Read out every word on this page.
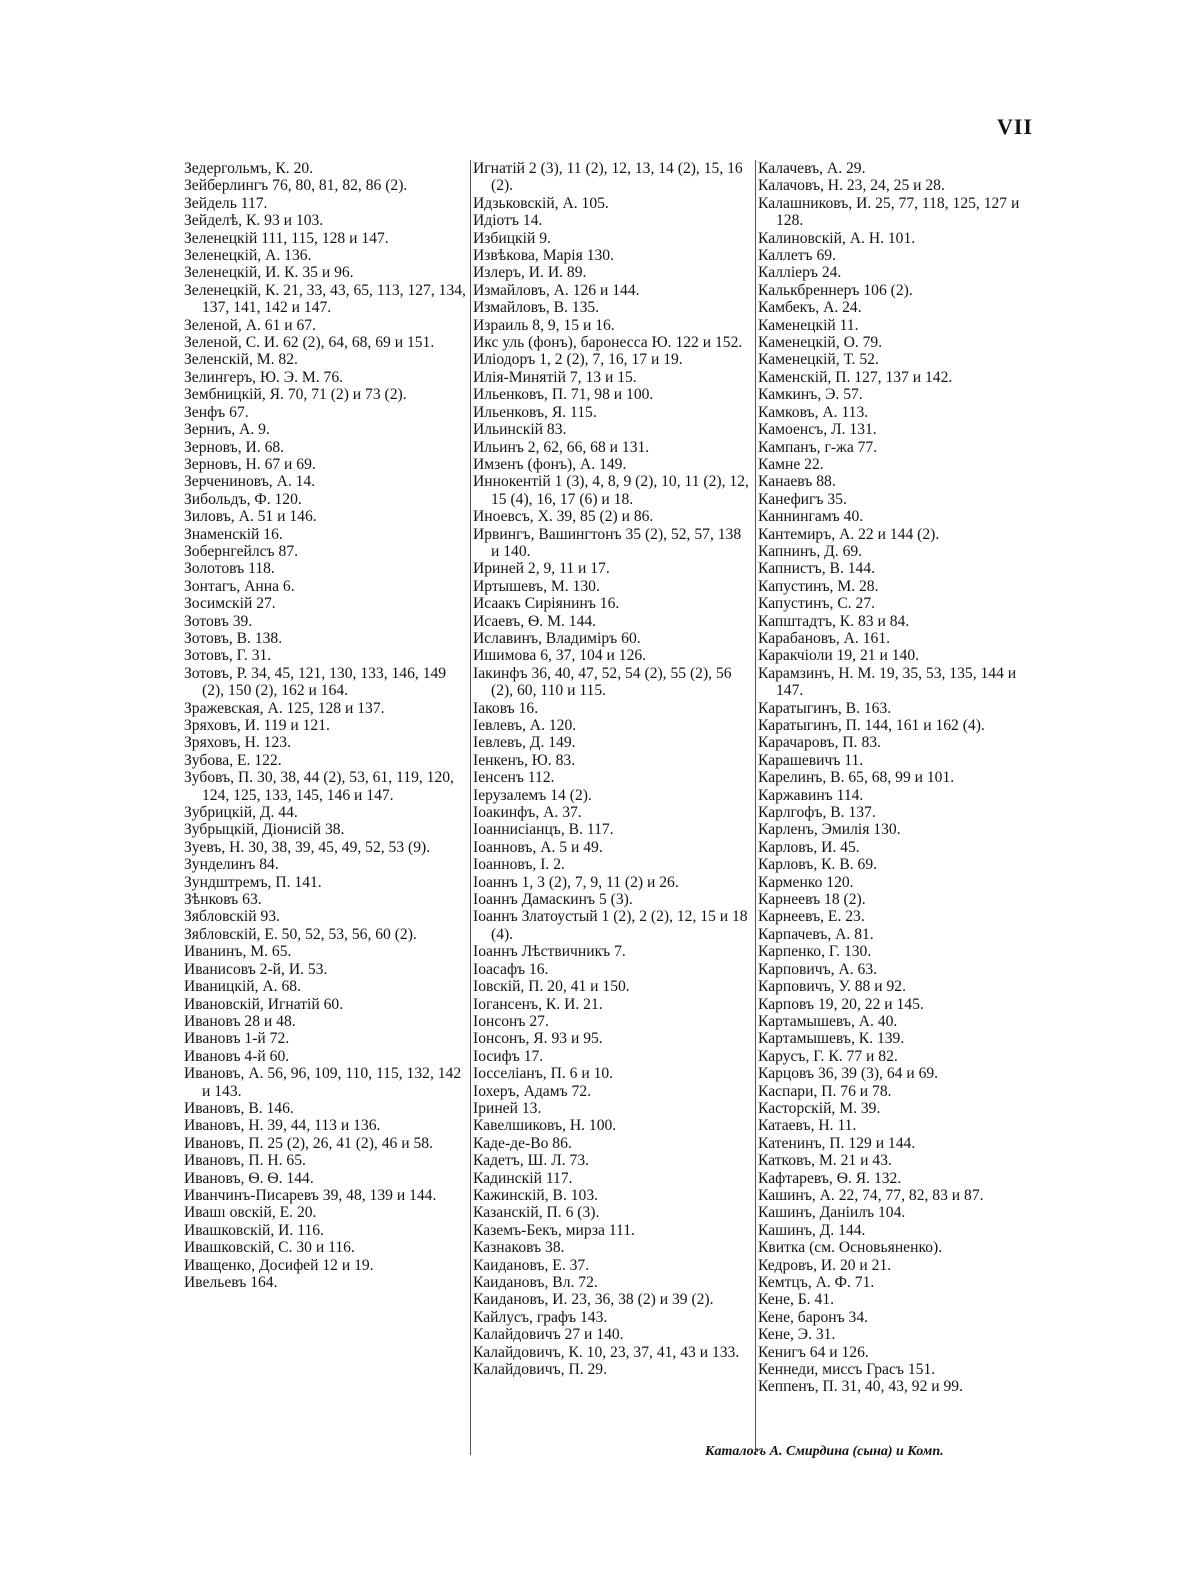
VII
Зедергольмъ, К. 20.
Зейберлингъ 76, 80, 81, 82, 86 (2).
Зейдель 117.
Зейделѣ, К. 93 и 103.
Зеленецкій 111, 115, 128 и 147.
Зеленецкій, А. 136.
Зеленецкій, И. К. 35 и 96.
Зеленецкій, К. 21, 33, 43, 65, 113, 127, 134, 137, 141, 142 и 147.
Зеленой, А. 61 и 67.
Зеленой, С. И. 62 (2), 64, 68, 69 и 151.
Зеленскій, М. 82.
Зелингеръ, Ю. Э. М. 76.
Зембницкій, Я. 70, 71 (2) и 73 (2).
Зенфъ 67.
Зерниъ, А. 9.
Зерновъ, И. 68.
Зерновъ, Н. 67 и 69.
Зерчениновъ, А. 14.
Зибольдъ, Ф. 120.
Зиловъ, А. 51 и 146.
Знаменскій 16.
Зобернгейлсъ 87.
Золотовъ 118.
Зонтагъ, Анна 6.
Зосимскій 27.
Зотовъ 39.
Зотовъ, В. 138.
Зотовъ, Г. 31.
Зотовъ, Р. 34, 45, 121, 130, 133, 146, 149 (2), 150 (2), 162 и 164.
Зражевская, А. 125, 128 и 137.
Зряховъ, И. 119 и 121.
Зряховъ, Н. 123.
Зубова, Е. 122.
Зубовъ, П. 30, 38, 44 (2), 53, 61, 119, 120, 124, 125, 133, 145, 146 и 147.
Зубрицкій, Д. 44.
Зубрыцкій, Діонисій 38.
Зуевъ, Н. 30, 38, 39, 45, 49, 52, 53 (9).
Зунделинъ 84.
Зундштремъ, П. 141.
Зѣнковъ 63.
Зябловскій 93.
Зябловскій, Е. 50, 52, 53, 56, 60 (2).
Иванинъ, М. 65.
Иванисовъ 2-й, И. 53.
Иваницкій, А. 68.
Ивановскій, Игнатій 60.
Ивановъ 28 и 48.
Ивановъ 1-й 72.
Ивановъ 4-й 60.
Ивановъ, А. 56, 96, 109, 110, 115, 132, 142 и 143.
Ивановъ, В. 146.
Ивановъ, Н. 39, 44, 113 и 136.
Ивановъ, П. 25 (2), 26, 41 (2), 46 и 58.
Ивановъ, П. Н. 65.
Ивановъ, Ѳ. Ѳ. 144.
Иванчинъ-Писаревъ 39, 48, 139 и 144.
Ивашı овскій, Е. 20.
Ивашковскій, И. 116.
Ивашковскій, С. 30 и 116.
Иващенко, Досифей 12 и 19.
Ивельевъ 164.
Игнатій 2 (3), 11 (2), 12, 13, 14 (2), 15, 16 (2).
Идзьковскій, А. 105.
Идіотъ 14.
Избицкій 9.
Извѣкова, Марія 130.
Излеръ, И. И. 89.
Измайловъ, А. 126 и 144.
Измайловъ, В. 135.
Израиль 8, 9, 15 и 16.
Икс уль (фонъ), баронесса Ю. 122 и 152.
Иліодоръ 1, 2 (2), 7, 16, 17 и 19.
Илія-Минятій 7, 13 и 15.
Ильенковъ, П. 71, 98 и 100.
Ильенковъ, Я. 115.
Ильинскій 83.
Ильинъ 2, 62, 66, 68 и 131.
Имзенъ (фонъ), А. 149.
Иннокентій 1 (3), 4, 8, 9 (2), 10, 11 (2), 12, 15 (4), 16, 17 (6) и 18.
Иноевсъ, Х. 39, 85 (2) и 86.
Ирвингъ, Вашингтонъ 35 (2), 52, 57, 138 и 140.
Ириней 2, 9, 11 и 17.
Иртышевъ, М. 130.
Исаакъ Сиріянинъ 16.
Исаевъ, Ѳ. М. 144.
Иславинъ, Владиміръ 60.
Ишимова 6, 37, 104 и 126.
Іакинфъ 36, 40, 47, 52, 54 (2), 55 (2), 56 (2), 60, 110 и 115.
Іаковъ 16.
Іевлевъ, А. 120.
Іевлевъ, Д. 149.
Іенкенъ, Ю. 83.
Іенсенъ 112.
Іерузалемъ 14 (2).
Іоакинфъ, А. 37.
Іоаннисіанцъ, В. 117.
Іоанновъ, А. 5 и 49.
Іоанновъ, І. 2.
Іоаннъ 1, 3 (2), 7, 9, 11 (2) и 26.
Іоаннъ Дамаскинъ 5 (3).
Іоаннъ Златоустый 1 (2), 2 (2), 12, 15 и 18 (4).
Іоаннъ Лѣствичникъ 7.
Іоасафъ 16.
Іовскій, П. 20, 41 и 150.
Іогансенъ, К. И. 21.
Іонсонъ 27.
Іонсонъ, Я. 93 и 95.
Іосифъ 17.
Іосселіанъ, П. 6 и 10.
Іохеръ, Адамъ 72.
Іриней 13.
Кавелшиковъ, Н. 100.
Каде-де-Во 86.
Кадетъ, Ш. Л. 73.
Кадинскій 117.
Кажинскій, В. 103.
Казанскій, П. 6 (3).
Каземъ-Бекъ, мирза 111.
Казнаковъ 38.
Каидановъ, Е. 37.
Каидановъ, Вл. 72.
Каидановъ, И. 23, 36, 38 (2) и 39 (2).
Кайлусъ, графъ 143.
Калайдовичъ 27 и 140.
Калайдовичъ, К. 10, 23, 37, 41, 43 и 133.
Калайдовичъ, П. 29.
Калачевъ, А. 29.
Калачовъ, Н. 23, 24, 25 и 28.
Калашниковъ, И. 25, 77, 118, 125, 127 и 128.
Калиновскій, А. Н. 101.
Каллетъ 69.
Калліеръ 24.
Калькбреннеръ 106 (2).
Камбекъ, А. 24.
Каменецкій 11.
Каменецкій, О. 79.
Каменецкій, Т. 52.
Каменскій, П. 127, 137 и 142.
Камкинъ, Э. 57.
Камковъ, А. 113.
Камоенсъ, Л. 131.
Кампанъ, г-жа 77.
Камне 22.
Канаевъ 88.
Канефигъ 35.
Каннингамъ 40.
Кантемиръ, А. 22 и 144 (2).
Капнинъ, Д. 69.
Капнистъ, В. 144.
Капустинъ, М. 28.
Капустинъ, С. 27.
Капштадтъ, К. 83 и 84.
Карабановъ, А. 161.
Каракчіоли 19, 21 и 140.
Карамзинъ, Н. М. 19, 35, 53, 135, 144 и 147.
Каратыгинъ, В. 163.
Каратыгинъ, П. 144, 161 и 162 (4).
Карачаровъ, П. 83.
Карашевичъ 11.
Карелинъ, В. 65, 68, 99 и 101.
Каржавинъ 114.
Карлгофъ, В. 137.
Карленъ, Эмилія 130.
Карловъ, И. 45.
Карловъ, К. В. 69.
Карменко 120.
Карнеевъ 18 (2).
Карнеевъ, Е. 23.
Карпачевъ, А. 81.
Карпенко, Г. 130.
Карповичъ, А. 63.
Карповичъ, У. 88 и 92.
Карповъ 19, 20, 22 и 145.
Картамышевъ, А. 40.
Картамышевъ, К. 139.
Карусъ, Г. К. 77 и 82.
Карцовъ 36, 39 (3), 64 и 69.
Каспари, П. 76 и 78.
Касторскій, М. 39.
Катаевъ, Н. 11.
Катенинъ, П. 129 и 144.
Катковъ, М. 21 и 43.
Кафтаревъ, Ѳ. Я. 132.
Кашинъ, А. 22, 74, 77, 82, 83 и 87.
Кашинъ, Даніилъ 104.
Кашинъ, Д. 144.
Квитка (см. Основьяненко).
Кедровъ, И. 20 и 21.
Кемтцъ, А. Ф. 71.
Кене, Б. 41.
Кене, баронъ 34.
Кене, Э. 31.
Кенигъ 64 и 126.
Кеннеди, миссъ Грасъ 151.
Кеппенъ, П. 31, 40, 43, 92 и 99.
Каталогъ А. Смирдина (сына) и Комп.
